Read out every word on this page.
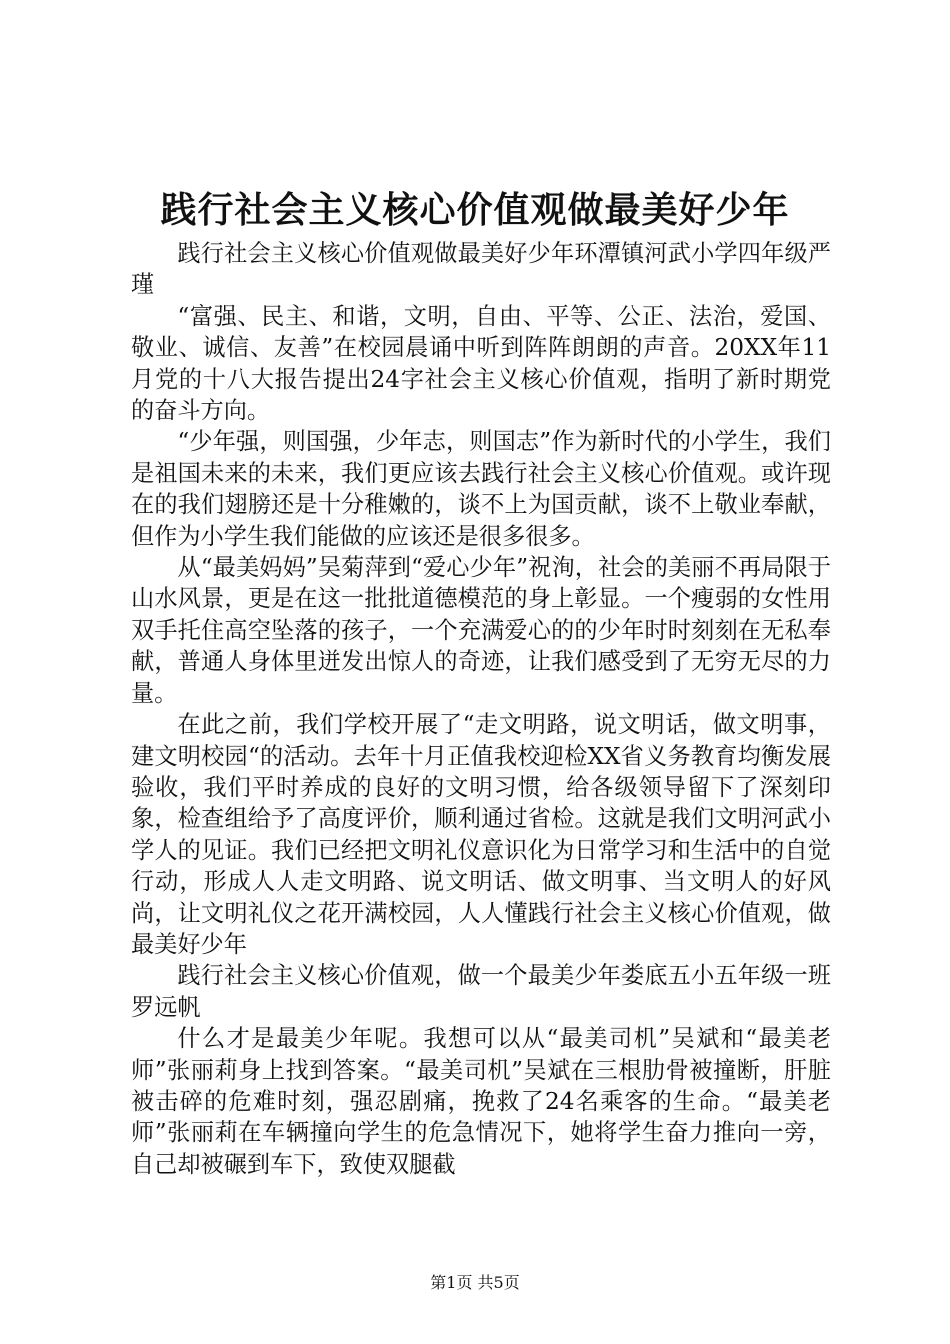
践行社会主义核心价值观做最美好少年

践行社会主义核心价值观做最美好少年环潭镇河武小学四年级严瑾

“富强、民主、和谐，文明，自由、平等、公正、法治，爱国、敬业、诚信、友善”在校园晨诵中听到阵阵朗朗的声音。20XX年11月党的十八大报告提出24字社会主义核心价值观，指明了新时期党的奋斗方向。

“少年强，则国强，少年志，则国志”作为新时代的小学生，我们是祖国未来的未来，我们更应该去践行社会主义核心价值观。或许现在的我们翅膀还是十分稚嫩的，谈不上为国贡献，谈不上敬业奉献，但作为小学生我们能做的应该还是很多很多。

从“最美妈妈”吴菊萍到“爱心少年”祝洵，社会的美丽不再局限于山水风景，更是在这一批批道德模范的身上彰显。一个瘦弱的女性用双手托住高空坠落的孩子，一个充满爱心的的少年时时刻刻在无私奉献，普通人身体里迸发出惊人的奇迹，让我们感受到了无穷无尽的力量。

在此之前，我们学校开展了“走文明路，说文明话，做文明事，建文明校园“的活动。去年十月正值我校迎检XX省义务教育均衡发展验收，我们平时养成的良好的文明习惯，给各级领导留下了深刻印象，检查组给予了高度评价，顺利通过省检。这就是我们文明河武小学人的见证。我们已经把文明礼仪意识化为日常学习和生活中的自觉行动，形成人人走文明路、说文明话、做文明事、当文明人的好风尚，让文明礼仪之花开满校园，人人懂践行社会主义核心价值观，做最美好少年

践行社会主义核心价值观，做一个最美少年娄底五小五年级一班罗远帆

什么才是最美少年呢。我想可以从“最美司机”吴斌和“最美老师”张丽莉身上找到答案。“最美司机”吴斌在三根肋骨被撞断，肝脏被击碎的危难时刻，强忍剧痛，挽救了24名乘客的生命。“最美老师”张丽莉在车辆撞向学生的危急情况下，她将学生奋力推向一旁，自己却被碾到车下，致使双腿截

第1页 共5页
